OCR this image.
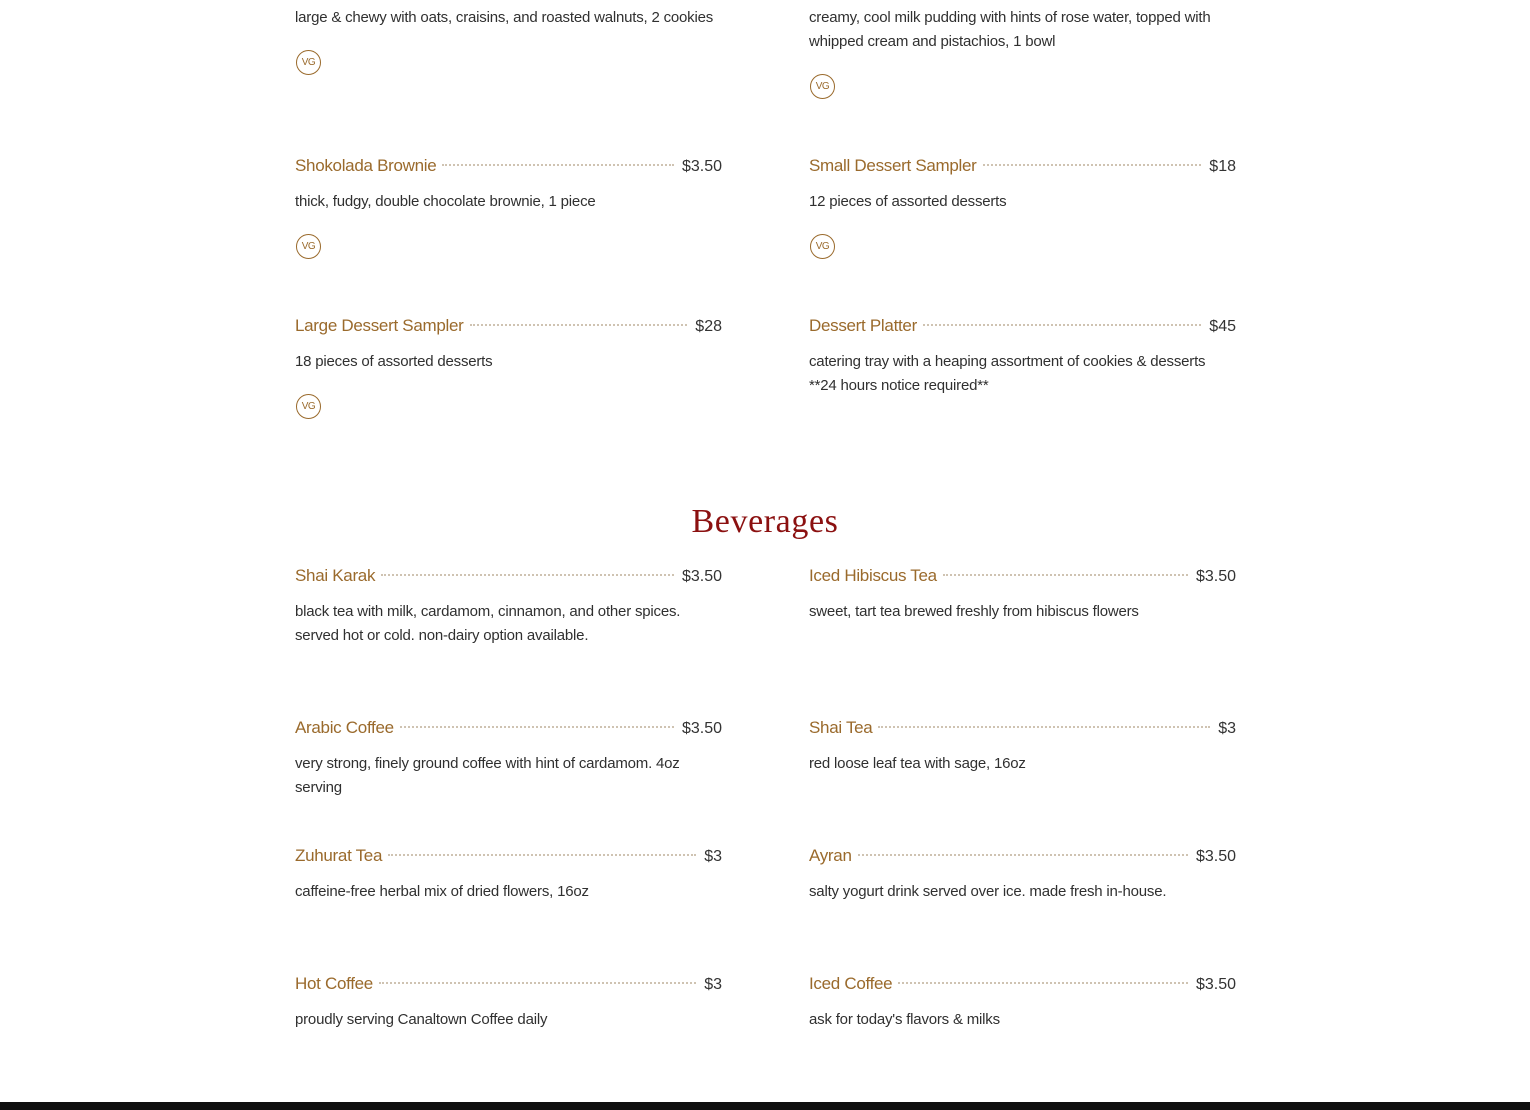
large & chewy with oats, craisins, and roasted walnuts, 2 cookies
VG
creamy, cool milk pudding with hints of rose water, topped with whipped cream and pistachios, 1 bowl
VG
Shokolada Brownie	$3.50
thick, fudgy, double chocolate brownie, 1 piece
VG
Small Dessert Sampler	$18
12 pieces of assorted desserts
VG
Large Dessert Sampler	$28
18 pieces of assorted desserts
VG
Dessert Platter	$45
catering tray with a heaping assortment of cookies & desserts **24 hours notice required**
Beverages
Shai Karak	$3.50
black tea with milk, cardamom, cinnamon, and other spices. served hot or cold. non-dairy option available.
Iced Hibiscus Tea	$3.50
sweet, tart tea brewed freshly from hibiscus flowers
Arabic Coffee	$3.50
very strong, finely ground coffee with hint of cardamom. 4oz serving
Shai Tea	$3
red loose leaf tea with sage, 16oz
Zuhurat Tea	$3
caffeine-free herbal mix of dried flowers, 16oz
Ayran	$3.50
salty yogurt drink served over ice. made fresh in-house.
Hot Coffee	$3
proudly serving Canaltown Coffee daily
Iced Coffee	$3.50
ask for today's flavors & milks
